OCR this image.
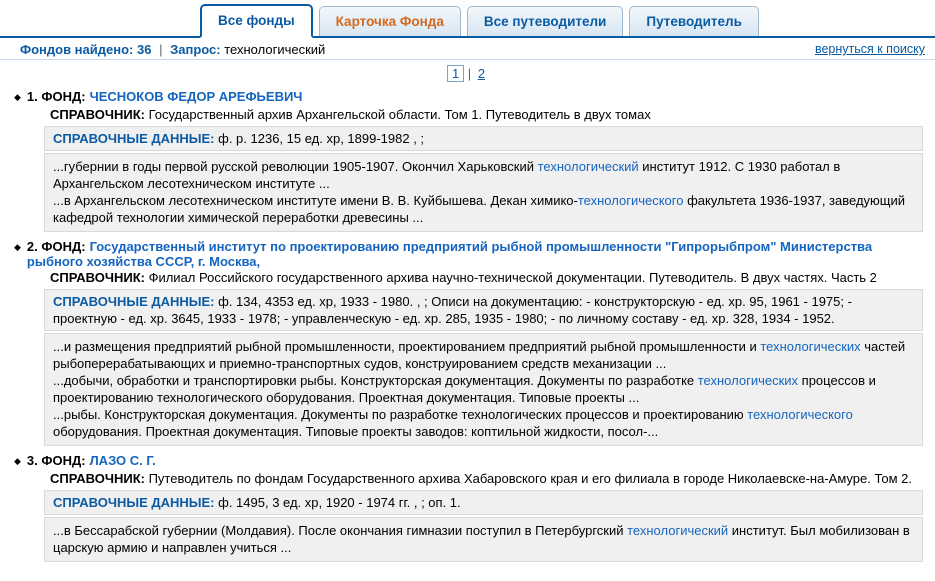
Все фонды	Карточка Фонда	Все путеводители	Путеводитель
Фондов найдено: 36 | Запрос: технологический	вернуться к поиску
1 | 2
◆ 1. ФОНД: ЧЕСНОКОВ ФЕДОР АРЕФЬЕВИЧ
СПРАВОЧНИК: Государственный архив Архангельской области. Том 1. Путеводитель в двух томах
СПРАВОЧНЫЕ ДАННЫЕ: ф. р. 1236, 15 ед. хр, 1899-1982 , ;
...губернии в годы первой русской революции 1905-1907. Окончил Харьковский технологический институт 1912. С 1930 работал в Архангельском лесотехническом институте ...
...в Архангельском лесотехническом институте имени В. В. Куйбышева. Декан химико-технологического факультета 1936-1937, заведующий кафедрой технологии химической переработки древесины ...
◆ 2. ФОНД: Государственный институт по проектированию предприятий рыбной промышленности "Гипрорыбпром" Министерства рыбного хозяйства СССР, г. Москва,
СПРАВОЧНИК: Филиал Российского государственного архива научно-технической документации. Путеводитель. В двух частях. Часть 2
СПРАВОЧНЫЕ ДАННЫЕ: ф. 134, 4353 ед. хр, 1933 - 1980. , ; Описи на документацию: - конструкторскую - ед. хр. 95, 1961 - 1975; - проектную - ед. хр. 3645, 1933 - 1978; - управленческую - ед. хр. 285, 1935 - 1980; - по личному составу - ед. хр. 328, 1934 - 1952.
...и размещения предприятий рыбной промышленности, проектированием предприятий рыбной промышленности и технологических частей рыбоперерабатывающих и приемно-транспортных судов, конструированием средств механизации ...
...добычи, обработки и транспортировки рыбы. Конструкторская документация. Документы по разработке технологических процессов и проектированию технологического оборудования. Проектная документация. Типовые проекты ...
...рыбы. Конструкторская документация. Документы по разработке технологических процессов и проектированию технологического оборудования. Проектная документация. Типовые проекты заводов: коптильной жидкости, посол-...
◆ 3. ФОНД: ЛАЗО С. Г.
СПРАВОЧНИК: Путеводитель по фондам Государственного архива Хабаровского края и его филиала в городе Николаевске-на-Амуре. Том 2.
СПРАВОЧНЫЕ ДАННЫЕ: ф. 1495, 3 ед. хр, 1920 - 1974 гг. , ; оп. 1.
...в Бессарабской губернии (Молдавия). После окончания гимназии поступил в Петербургский технологический институт. Был мобилизован в царскую армию и направлен учиться ...
